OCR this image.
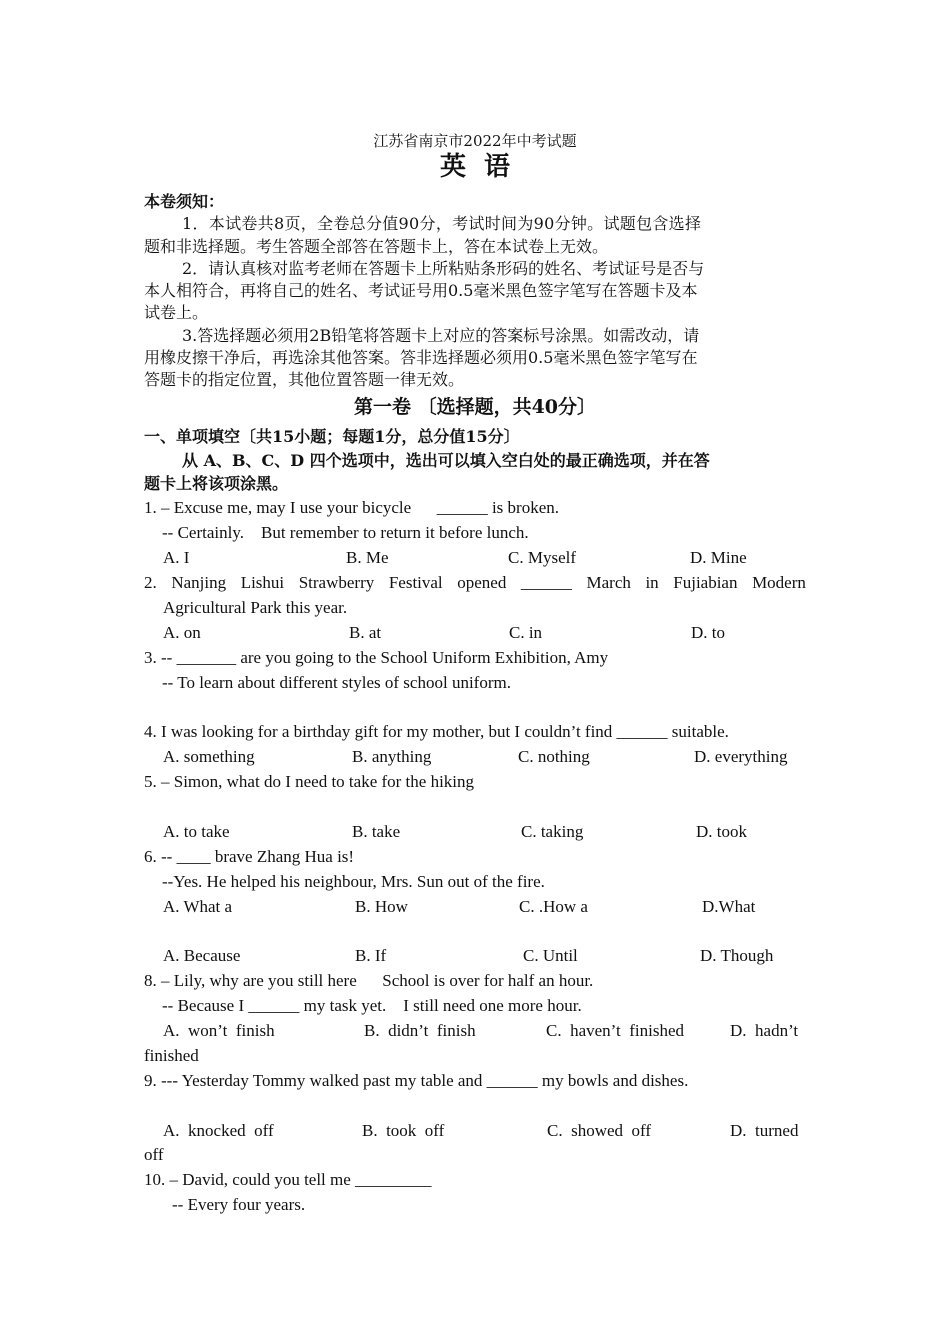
江苏省南京市2022年中考试题
英  语
本卷须知：
1．本试卷共8页，全卷总分值90分，考试时间为90分钟。试题包含选择
题和非选择题。考生答题全部答在答题卡上，答在本试卷上无效。
2．请认真核对监考老师在答题卡上所粘贴条形码的姓名、考试证号是否与
本人相符合，再将自己的姓名、考试证号用0.5毫米黑色签字笔写在答题卡及本
试卷上。
3.答选择题必须用2B铅笔将答题卡上对应的答案标号涂黑。如需改动，请
用橡皮擦干净后，再选涂其他答案。答非选择题必须用0.5毫米黑色签字笔写在
答题卡的指定位置，其他位置答题一律无效。
第一卷 〔选择题，共40分〕
一、单项填空〔共15小题；每题1分，总分值15分〕
从 A、B、C、D 四个选项中，选出可以填入空白处的最正确选项，并在答
题卡上将该项涂黑。
1. – Excuse me, may I use your bicycle      ______ is broken.
-- Certainly.    But remember to return it before lunch.
A. I	B. Me	C. Myself	D. Mine
2. Nanjing Lishui Strawberry Festival opened ______ March in Fujiabian Modern
Agricultural Park this year.
A. on	B. at	C. in	D. to
3. -- _______ are you going to the School Uniform Exhibition, Amy
-- To learn about different styles of school uniform.
4. I was looking for a birthday gift for my mother, but I couldn’t find ______ suitable.
A. something	B. anything	C. nothing	D. everything
5. – Simon, what do I need to take for the hiking
A. to take	B. take	C. taking	D. took
6. -- ____ brave Zhang Hua is!
--Yes. He helped his neighbour, Mrs. Sun out of the fire.
A. What a	B. How	C. .How a	D.What
A. Because	B. If	C. Until	D. Though
8. – Lily, why are you still here      School is over for half an hour.
-- Because I ______ my task yet.    I still need one more hour.
A.  won’t  finish	B.  didn’t  finish	C.  haven’t  finished	D.  hadn’t
finished
9. --- Yesterday Tommy walked past my table and ______ my bowls and dishes.
A.  knocked  off	B.  took  off	C.  showed  off	D.  turned
off
10. – David, could you tell me _________
-- Every four years.
